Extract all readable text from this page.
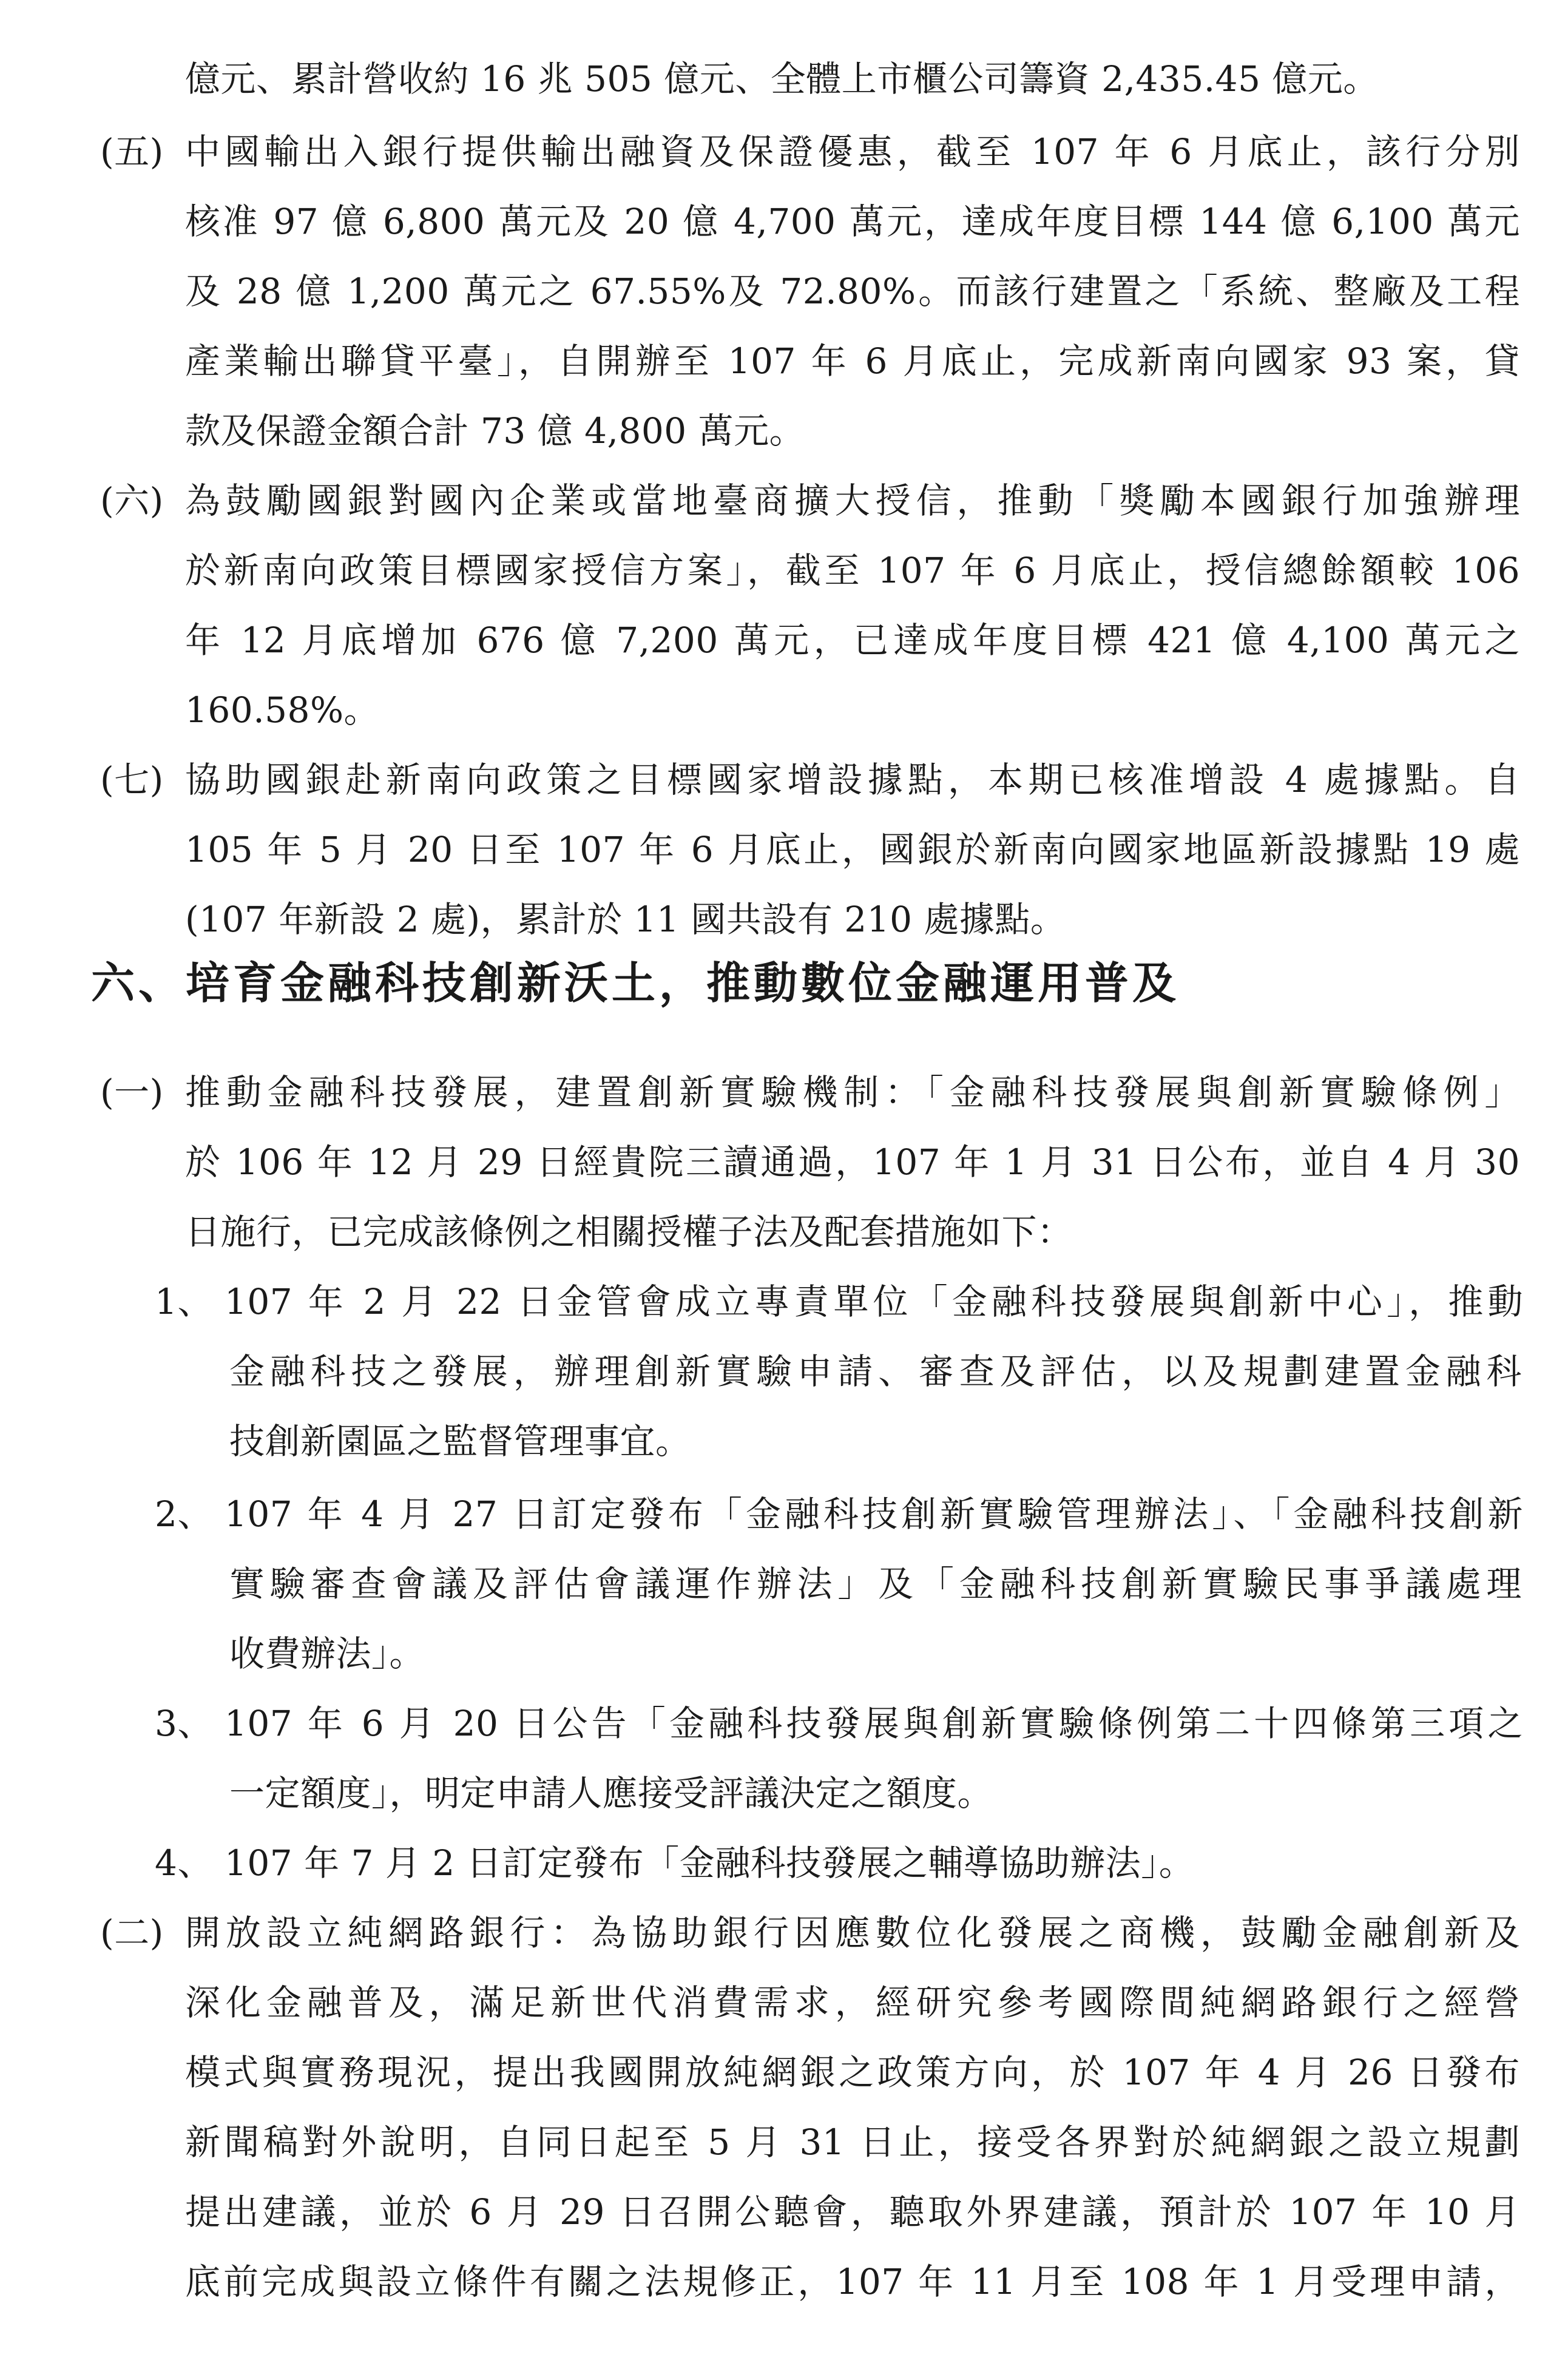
億元、累計營收約 16 兆 505 億元、全體上市櫃公司籌資 2,435.45 億元。
(五) 中國輸出入銀行提供輸出融資及保證優惠，截至 107 年 6 月底止，該行分別
核准 97 億 6,800 萬元及 20 億 4,700 萬元，達成年度目標 144 億 6,100 萬元
及 28 億 1,200 萬元之 67.55%及 72.80%。而該行建置之「系統、整廠及工程
產業輸出聯貸平臺」，自開辦至 107 年 6 月底止，完成新南向國家 93 案，貸
款及保證金額合計 73 億 4,800 萬元。
(六) 為鼓勵國銀對國內企業或當地臺商擴大授信，推動「獎勵本國銀行加強辦理
於新南向政策目標國家授信方案」，截至 107 年 6 月底止，授信總餘額較 106
年 12 月底增加 676 億 7,200 萬元，已達成年度目標 421 億 4,100 萬元之
160.58%。
(七) 協助國銀赴新南向政策之目標國家增設據點，本期已核准增設 4 處據點。自
105 年 5 月 20 日至 107 年 6 月底止，國銀於新南向國家地區新設據點 19 處
(107 年新設 2 處)，累計於 11 國共設有 210 處據點。
六、培育金融科技創新沃土，推動數位金融運用普及
(一) 推動金融科技發展，建置創新實驗機制：「金融科技發展與創新實驗條例」
於 106 年 12 月 29 日經貴院三讀通過，107 年 1 月 31 日公布，並自 4 月 30
日施行，已完成該條例之相關授權子法及配套措施如下：
1、 107 年 2 月 22 日金管會成立專責單位「金融科技發展與創新中心」，推動
金融科技之發展，辦理創新實驗申請、審查及評估，以及規劃建置金融科
技創新園區之監督管理事宜。
2、 107 年 4 月 27 日訂定發布「金融科技創新實驗管理辦法」、「金融科技創新
實驗審查會議及評估會議運作辦法」及「金融科技創新實驗民事爭議處理
收費辦法」。
3、 107 年 6 月 20 日公告「金融科技發展與創新實驗條例第二十四條第三項之
一定額度」，明定申請人應接受評議決定之額度。
4、 107 年 7 月 2 日訂定發布「金融科技發展之輔導協助辦法」。
(二) 開放設立純網路銀行：為協助銀行因應數位化發展之商機，鼓勵金融創新及
深化金融普及，滿足新世代消費需求，經研究參考國際間純網路銀行之經營
模式與實務現況，提出我國開放純網銀之政策方向，於 107 年 4 月 26 日發布
新聞稿對外說明，自同日起至 5 月 31 日止，接受各界對於純網銀之設立規劃
提出建議，並於 6 月 29 日召開公聽會，聽取外界建議，預計於 107 年 10 月
底前完成與設立條件有關之法規修正，107 年 11 月至 108 年 1 月受理申請，
